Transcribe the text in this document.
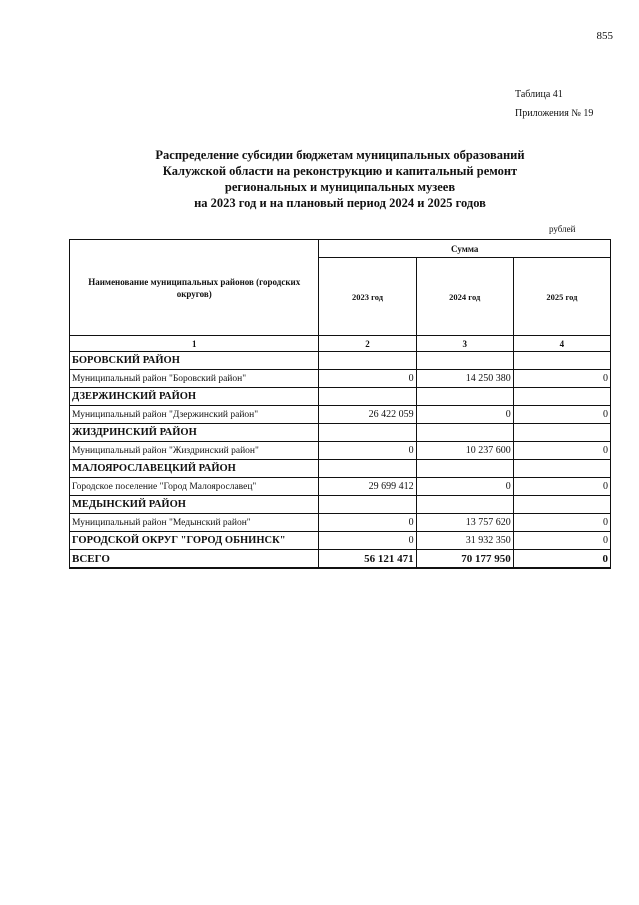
855
Таблица 41
Приложения № 19
Распределение субсидии бюджетам муниципальных образований
Калужской области на реконструкцию и капитальный ремонт
региональных и муниципальных музеев
на 2023 год и на плановый период 2024 и 2025 годов
рублей
Наименование муниципальных районов (городских округов)	Сумма		
	2023 год	2024 год	2025 год
1	2	3	4
БОРОВСКИЙ РАЙОН			
Муниципальный район "Боровский район"	0	14 250 380	0
ДЗЕРЖИНСКИЙ РАЙОН			
Муниципальный район "Дзержинский район"	26 422 059	0	0
ЖИЗДРИНСКИЙ РАЙОН			
Муниципальный район "Жиздринский район"	0	10 237 600	0
МАЛОЯРОСЛАВЕЦКИЙ РАЙОН			
Городское поселение "Город Малоярославец"	29 699 412	0	0
МЕДЫНСКИЙ РАЙОН			
Муниципальный район "Медынский район"	0	13 757 620	0
ГОРОДСКОЙ ОКРУГ "ГОРОД ОБНИНСК"	0	31 932 350	0
ВСЕГО	56 121 471	70 177 950	0
